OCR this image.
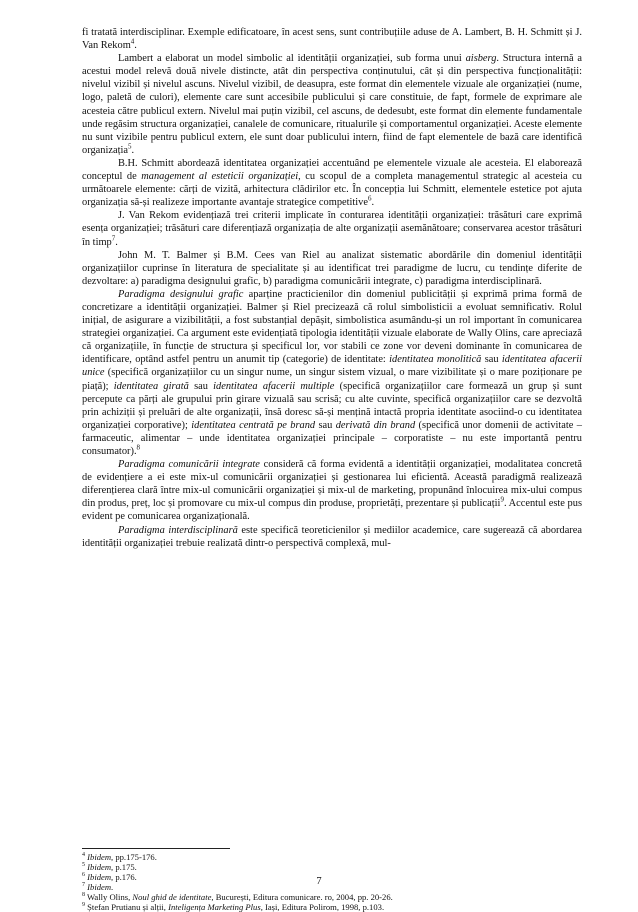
fi tratată interdisciplinar. Exemple edificatoare, în acest sens, sunt contribuțiile aduse de A. Lambert, B. H. Schmitt și J. Van Rekom$^4$.

Lambert a elaborat un model simbolic al identității organizației, sub forma unui aisberg. Structura internă a acestui model relevă două nivele distincte, atât din perspectiva conținutului, cât și din perspectiva funcționalității: nivelul vizibil și nivelul ascuns. Nivelul vizibil, de deasupra, este format din elementele vizuale ale organizației (nume, logo, paletă de culori), elemente care sunt accesibile publicului și care constituie, de fapt, formele de exprimare ale acesteia către publicul extern. Nivelul mai puțin vizibil, cel ascuns, de dedesubt, este format din elemente fundamentale unde regăsim structura organizației, canalele de comunicare, ritualurile și comportamentul organizației. Aceste elemente nu sunt vizibile pentru publicul extern, ele sunt doar publicului intern, fiind de fapt elementele de bază care identifică organizația$^5$.

B.H. Schmitt abordează identitatea organizației accentuând pe elementele vizuale ale acesteia. El elaborează conceptul de management al esteticii organizației, cu scopul de a completa managementul strategic al acesteia cu următoarele elemente: cărți de vizită, arhitectura clădirilor etc. În concepția lui Schmitt, elementele estetice pot ajuta organizația să-și realizeze importante avantaje strategice competitive$^6$.

J. Van Rekom evidențiază trei criterii implicate în conturarea identității organizației: trăsături care exprimă esența organizației; trăsături care diferențiază organizația de alte organizații asemănătoare; conservarea acestor trăsături în timp$^7$.

John M. T. Balmer și B.M. Cees van Riel au analizat sistematic abordările din domeniul identității organizațiilor cuprinse în literatura de specialitate și au identificat trei paradigme de lucru, cu tendințe diferite de dezvoltare: a) paradigma designului grafic, b) paradigma comunicării integrate, c) paradigma interdisciplinară.

Paradigma designului grafic aparține practicienilor din domeniul publicității și exprimă prima formă de concretizare a identității organizației. Balmer și Riel precizează că rolul simbolisticii a evoluat semnificativ. Rolul inițial, de asigurare a vizibilității, a fost substanțial depășit, simbolistica asumându-și un rol important în comunicarea strategiei organizației. Ca argument este evidențiată tipologia identității vizuale elaborate de Wally Olins, care apreciază că organizațiile, în funcție de structura și specificul lor, vor stabili ce zone vor deveni dominante în comunicarea de identificare, optând astfel pentru un anumit tip (categorie) de identitate: identitatea monolitică sau identitatea afacerii unice (specifică organizațiilor cu un singur nume, un singur sistem vizual, o mare vizibilitate și o mare poziționare pe piață); identitatea girată sau identitatea afacerii multiple (specifică organizațiilor care formează un grup și sunt percepute ca părți ale grupului prin girare vizuală sau scrisă; cu alte cuvinte, specifică organizațiilor care se dezvoltă prin achiziții și preluări de alte organizații, însă doresc să-și mențină intactă propria identitate asociind-o cu identitatea organizației corporative); identitatea centrată pe brand sau derivată din brand (specifică unor domenii de activitate – farmaceutic, alimentar – unde identitatea organizației principale – corporatiste – nu este importantă pentru consumator).$^8$

Paradigma comunicării integrate consideră că forma evidentă a identității organizației, modalitatea concretă de evidențiere a ei este mix-ul comunicării organizației și gestionarea lui eficientă. Această paradigmă realizează diferențierea clară între mix-ul comunicării organizației și mix-ul de marketing, propunând înlocuirea mix-ului compus din produs, preț, loc și promovare cu mix-ul compus din produse, proprietăți, prezentare și publicații$^9$. Accentul este pus evident pe comunicarea organizațională.

Paradigma interdisciplinară este specifică teoreticienilor și mediilor academice, care sugerează că abordarea identității organizației trebuie realizată dintr-o perspectivă complexă, mul-

$^4$ Ibidem, pp.175-176.

$^5$ Ibidem, p.175.

$^6$ Ibidem, p.176.

$^7$ Ibidem.

$^8$ Wally Olins, Noul ghid de identitate, București, Editura comunicare. ro, 2004, pp. 20-26.

$^9$ Ștefan Prutianu și alții, Inteligența Marketing Plus, Iași, Editura Polirom, 1998, p.103.

7
